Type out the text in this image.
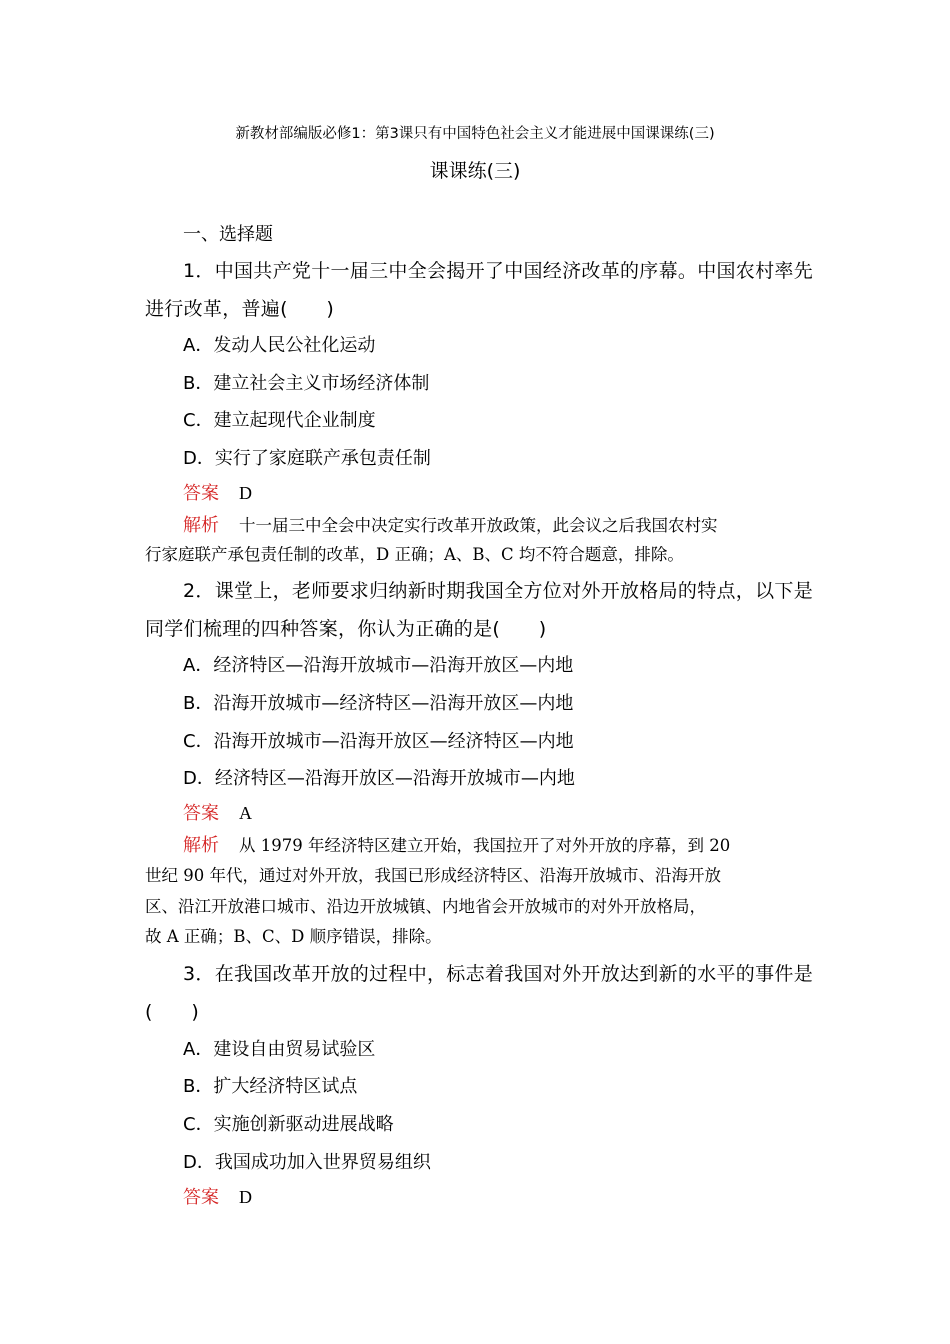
新教材部编版必修1：第3课只有中国特色社会主义才能进展中国课课练(三)
课课练(三)
一、选择题
1．中国共产党十一届三中全会揭开了中国经济改革的序幕。中国农村率先
进行改革，普遍(　　)
A．发动人民公社化运动
B．建立社会主义市场经济体制
C．建立起现代企业制度
D．实行了家庭联产承包责任制
答案 D
解析 十一届三中全会中决定实行改革开放政策，此会议之后我国农村实
行家庭联产承包责任制的改革，D 正确；A、B、C 均不符合题意，排除。
2．课堂上，老师要求归纳新时期我国全方位对外开放格局的特点，以下是
同学们梳理的四种答案，你认为正确的是(　　)
A．经济特区—沿海开放城市—沿海开放区—内地
B．沿海开放城市—经济特区—沿海开放区—内地
C．沿海开放城市—沿海开放区—经济特区—内地
D．经济特区—沿海开放区—沿海开放城市—内地
答案 A
解析 从 1979 年经济特区建立开始，我国拉开了对外开放的序幕，到 20
世纪 90 年代，通过对外开放，我国已形成经济特区、沿海开放城市、沿海开放
区、沿江开放港口城市、沿边开放城镇、内地省会开放城市的对外开放格局，
故 A 正确；B、C、D 顺序错误，排除。
3．在我国改革开放的过程中，标志着我国对外开放达到新的水平的事件是
(　　)
A．建设自由贸易试验区
B．扩大经济特区试点
C．实施创新驱动进展战略
D．我国成功加入世界贸易组织
答案 D
